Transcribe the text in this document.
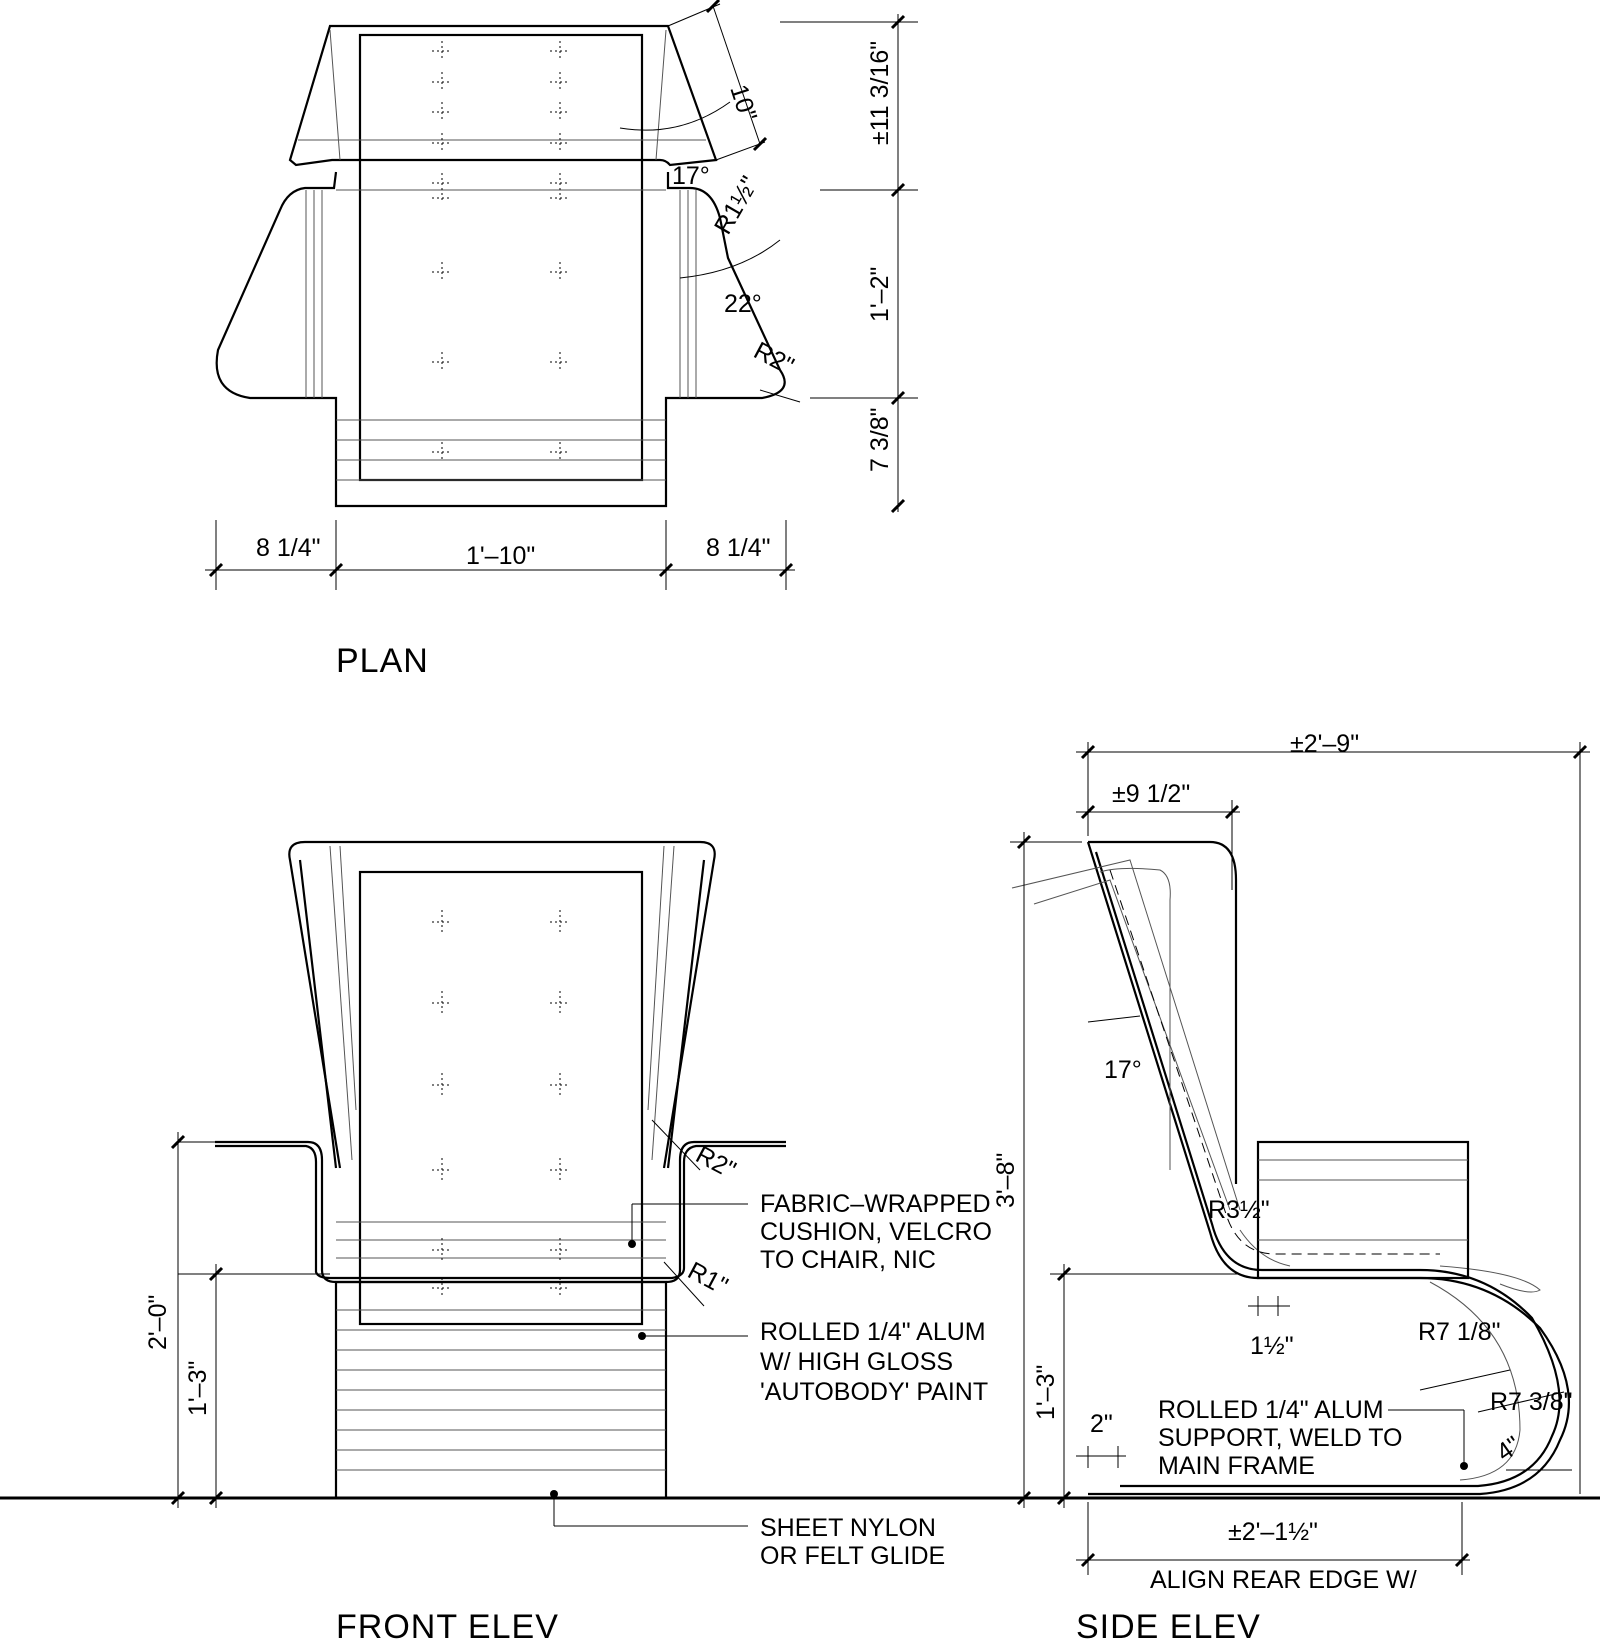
10"
17° R1½"
22°
R2"
±11 3/16"
1'–2"
7 3/8"
8 1/4"	1'–10"	8 1/4"
PLAN
R2"
R1"
2'–0"
1'–3"
FABRIC–WRAPPED
CUSHION, VELCRO
TO CHAIR, NIC
ROLLED 1/4" ALUM
W/ HIGH GLOSS
'AUTOBODY' PAINT
SHEET NYLON
OR FELT GLIDE
FRONT ELEV
±2'–9"
±9 1/2"
3'–8"
17°
R3½"
1½"	R7 1/8"
R7 3/8"
1'–3"
2"
4"
±2'–1½"
ROLLED 1/4" ALUM
SUPPORT, WELD TO
MAIN FRAME
ALIGN REAR EDGE W/
SIDE ELEV
